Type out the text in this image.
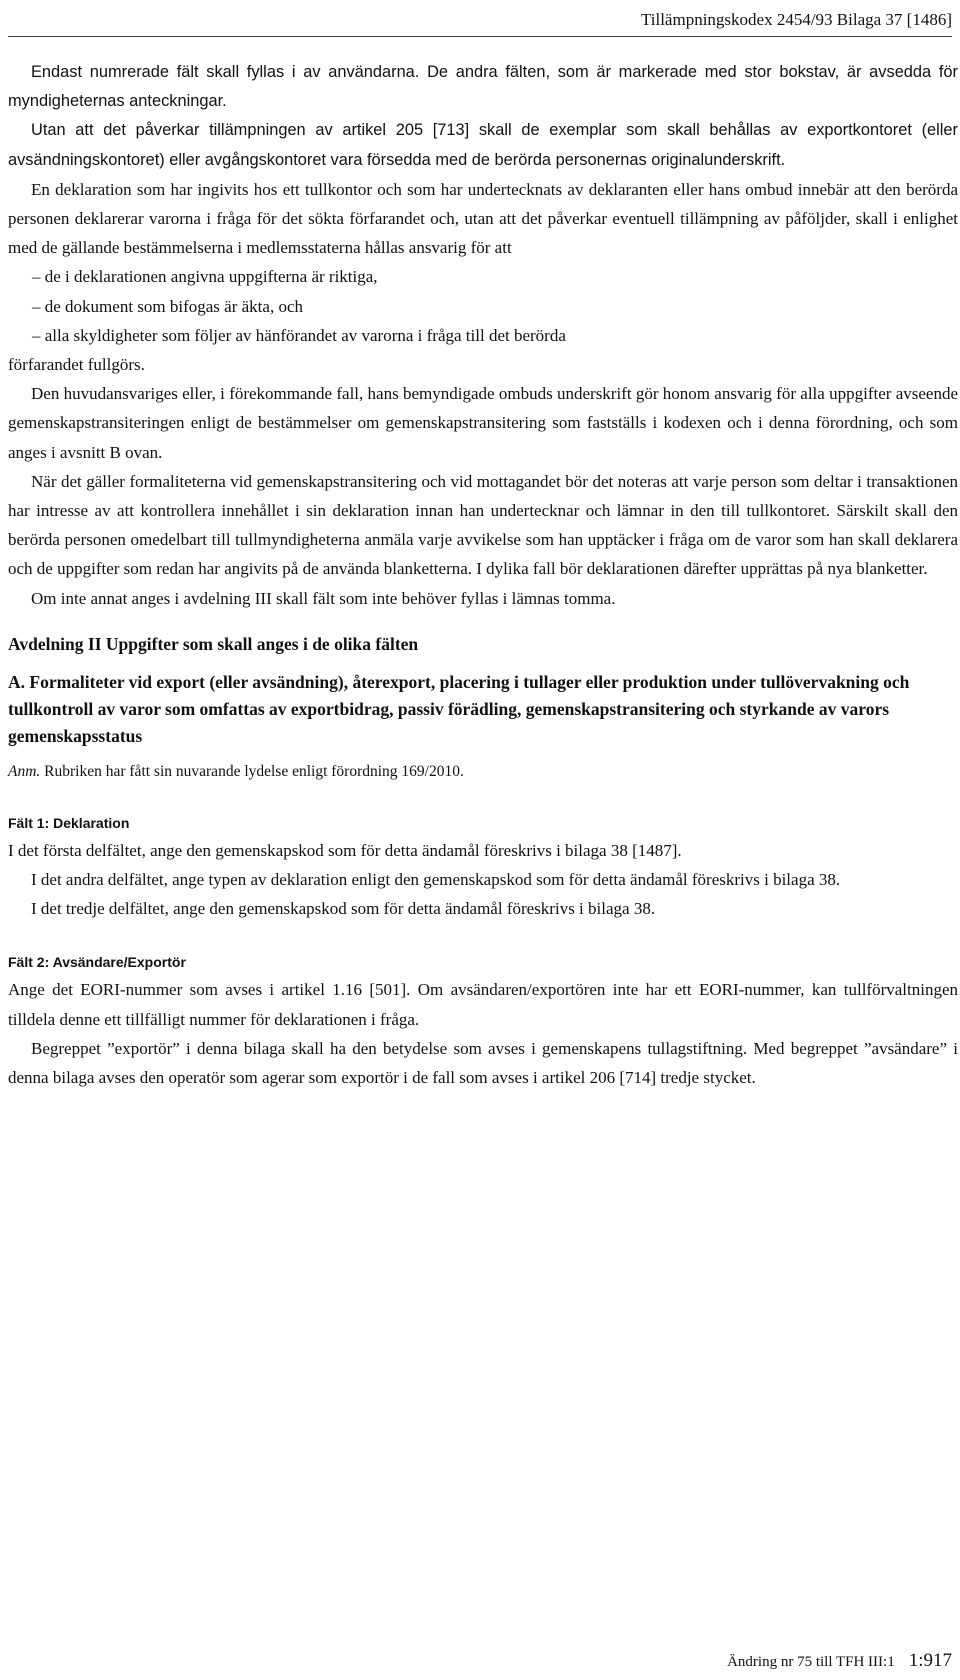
Tillämpningskodex 2454/93 Bilaga 37 [1486]

Endast numrerade fält skall fyllas i av användarna. De andra fälten, som är markerade med stor bokstav, är avsedda för myndigheternas anteckningar.

Utan att det påverkar tillämpningen av artikel 205 [713] skall de exemplar som skall behållas av exportkontoret (eller avsändningskontoret) eller avgångskontoret vara försedda med de berörda personernas originalunderskrift.

En deklaration som har ingivits hos ett tullkontor och som har undertecknats av deklaranten eller hans ombud innebär att den berörda personen deklarerar varorna i fråga för det sökta förfarandet och, utan att det påverkar eventuell tillämpning av påföljder, skall i enlighet med de gällande bestämmelserna i medlemsstaterna hållas ansvarig för att

– de i deklarationen angivna uppgifterna är riktiga,

– de dokument som bifogas är äkta, och

– alla skyldigheter som följer av hänförandet av varorna i fråga till det berörda

förfarandet fullgörs.

Den huvudansvariges eller, i förekommande fall, hans bemyndigade ombuds underskrift gör honom ansvarig för alla uppgifter avseende gemenskapstransiteringen enligt de bestämmelser om gemenskapstransitering som fastställs i kodexen och i denna förordning, och som anges i avsnitt B ovan.

När det gäller formaliteterna vid gemenskapstransitering och vid mottagandet bör det noteras att varje person som deltar i transaktionen har intresse av att kontrollera innehållet i sin deklaration innan han undertecknar och lämnar in den till tullkontoret. Särskilt skall den berörda personen omedelbart till tullmyndigheterna anmäla varje avvikelse som han upptäcker i fråga om de varor som han skall deklarera och de uppgifter som redan har angivits på de använda blanketterna. I dylika fall bör deklarationen därefter upprättas på nya blanketter.

Om inte annat anges i avdelning III skall fält som inte behöver fyllas i lämnas tomma.

Avdelning II Uppgifter som skall anges i de olika fälten
A. Formaliteter vid export (eller avsändning), återexport, placering i tullager eller produktion under tullövervakning och tullkontroll av varor som omfattas av exportbidrag, passiv förädling, gemenskapstransitering och styrkande av varors gemenskapsstatus

Anm. Rubriken har fått sin nuvarande lydelse enligt förordning 169/2010.

Fält 1: Deklaration

I det första delfältet, ange den gemenskapskod som för detta ändamål föreskrivs i bilaga 38 [1487].

I det andra delfältet, ange typen av deklaration enligt den gemenskapskod som för detta ändamål föreskrivs i bilaga 38.

I det tredje delfältet, ange den gemenskapskod som för detta ändamål föreskrivs i bilaga 38.

Fält 2: Avsändare/Exportör

Ange det EORI-nummer som avses i artikel 1.16 [501]. Om avsändaren/exportören inte har ett EORI-nummer, kan tullförvaltningen tilldela denne ett tillfälligt nummer för deklarationen i fråga.

Begreppet ”exportör” i denna bilaga skall ha den betydelse som avses i gemenskapens tullagstiftning. Med begreppet ”avsändare” i denna bilaga avses den operatör som agerar som exportör i de fall som avses i artikel 206 [714] tredje stycket.

Ändring nr 75 till TFH III:1 1:917
